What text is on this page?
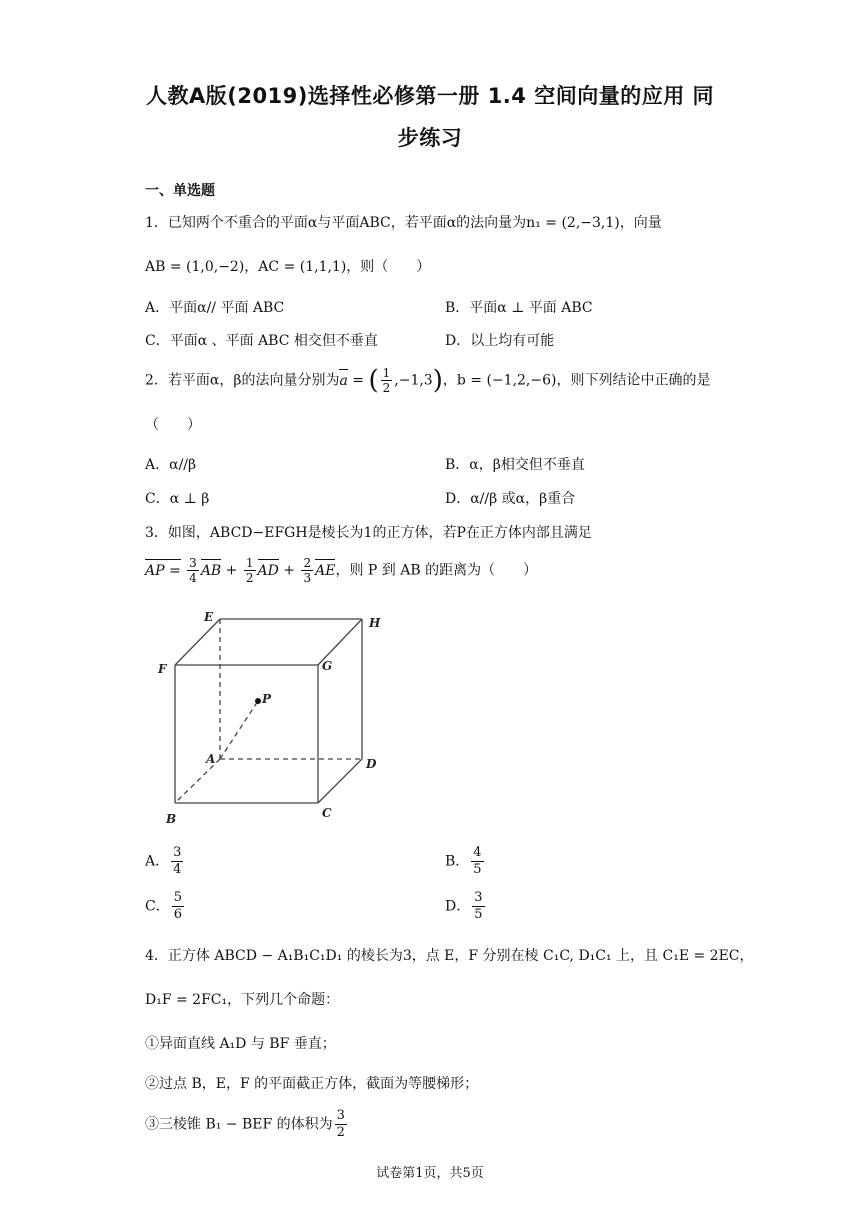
人教A版(2019)选择性必修第一册 1.4 空间向量的应用 同
步练习
一、单选题
1．已知两个不重合的平面α与平面ABC，若平面α的法向量为n₁ = (2,−3,1)，向量
AB = (1,0,−2)，AC = (1,1,1)，则（　　）
A．平面α// 平面 ABC	B．平面α ⊥ 平面 ABC
C．平面α 、平面 ABC 相交但不垂直	D．以上均有可能
2．若平面α，β的法向量分别为a = ( $\frac{1}{2} ,-1,3$)，b = (−1,2,−6)，则下列结论中正确的是
（　　）
A．α//β	B．α，β相交但不垂直
C．α ⊥ β	D．α//β 或α，β重合
3．如图，ABCD−EFGH是棱长为1的正方体，若P在正方体内部且满足
AP = $\frac{3}{4}$ AB + $\frac{1}{2}$ AD + $\frac{2}{3}$ AE，则 P 到 AB 的距离为（　　）
E	H
F	G
P
A	D
B	C
A． $\frac{3}{4}$	B． $\frac{4}{5}$
C． $\frac{5}{6}$	D． $\frac{3}{5}$
4．正方体 ABCD − A₁B₁C₁D₁ 的棱长为3，点 E，F 分别在棱 C₁C, D₁C₁ 上，且 C₁E = 2EC，
D₁F = 2FC₁，下列几个命题：
①异面直线 A₁D 与 BF 垂直；
②过点 B，E，F 的平面截正方体，截面为等腰梯形；
③三棱锥 B₁ − BEF 的体积为 $\frac{3}{2}$
试卷第1页，共5页
